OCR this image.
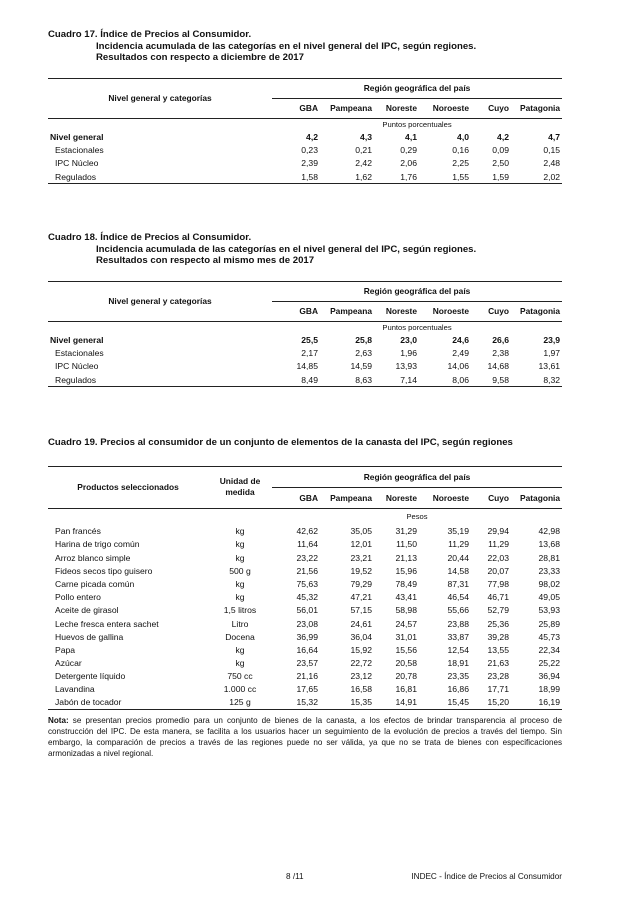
Cuadro 17. Índice de Precios al Consumidor.
Incidencia acumulada de las categorías en el nivel general del IPC, según regiones.
Resultados con respecto a diciembre de 2017
Nivel general y categorías	Región geográfica del país					
	GBA	Pampeana	Noreste	Noroeste	Cuyo	Patagonia
	Puntos porcentuales					
Nivel general	4,2	4,3	4,1	4,0	4,2	4,7
Estacionales	0,23	0,21	0,29	0,16	0,09	0,15
IPC Núcleo	2,39	2,42	2,06	2,25	2,50	2,48
Regulados	1,58	1,62	1,76	1,55	1,59	2,02
Cuadro 18. Índice de Precios al Consumidor.
Incidencia acumulada de las categorías en el nivel general del IPC, según regiones.
Resultados con respecto al mismo mes de 2017
Nivel general y categorías	Región geográfica del país					
	GBA	Pampeana	Noreste	Noroeste	Cuyo	Patagonia
	Puntos porcentuales					
Nivel general	25,5	25,8	23,0	24,6	26,6	23,9
Estacionales	2,17	2,63	1,96	2,49	2,38	1,97
IPC Núcleo	14,85	14,59	13,93	14,06	14,68	13,61
Regulados	8,49	8,63	7,14	8,06	9,58	8,32
Cuadro 19. Precios al consumidor de un conjunto de elementos de la canasta del IPC, según regiones
Productos seleccionados	Unidad de medida	Región geográfica del país					
		GBA	Pampeana	Noreste	Noroeste	Cuyo	Patagonia
		Pesos					
Pan francés	kg	42,62	35,05	31,29	35,19	29,94	42,98
Harina de trigo común	kg	11,64	12,01	11,50	11,29	11,29	13,68
Arroz blanco simple	kg	23,22	23,21	21,13	20,44	22,03	28,81
Fideos secos tipo guisero	500 g	21,56	19,52	15,96	14,58	20,07	23,33
Carne picada común	kg	75,63	79,29	78,49	87,31	77,98	98,02
Pollo entero	kg	45,32	47,21	43,41	46,54	46,71	49,05
Aceite de girasol	1,5 litros	56,01	57,15	58,98	55,66	52,79	53,93
Leche fresca entera sachet	Litro	23,08	24,61	24,57	23,88	25,36	25,89
Huevos de gallina	Docena	36,99	36,04	31,01	33,87	39,28	45,73
Papa	kg	16,64	15,92	15,56	12,54	13,55	22,34
Azúcar	kg	23,57	22,72	20,58	18,91	21,63	25,22
Detergente líquido	750 cc	21,16	23,12	20,78	23,35	23,28	36,94
Lavandina	1.000 cc	17,65	16,58	16,81	16,86	17,71	18,99
Jabón de tocador	125 g	15,32	15,35	14,91	15,45	15,20	16,19
Nota: se presentan precios promedio para un conjunto de bienes de la canasta, a los efectos de brindar transparencia al proceso de construcción del IPC. De esta manera, se facilita a los usuarios hacer un seguimiento de la evolución de precios a través del tiempo. Sin embargo, la comparación de precios a través de las regiones puede no ser válida, ya que no se trata de bienes con especificaciones armonizadas a nivel regional.
8 /11	INDEC - Índice de Precios al Consumidor
